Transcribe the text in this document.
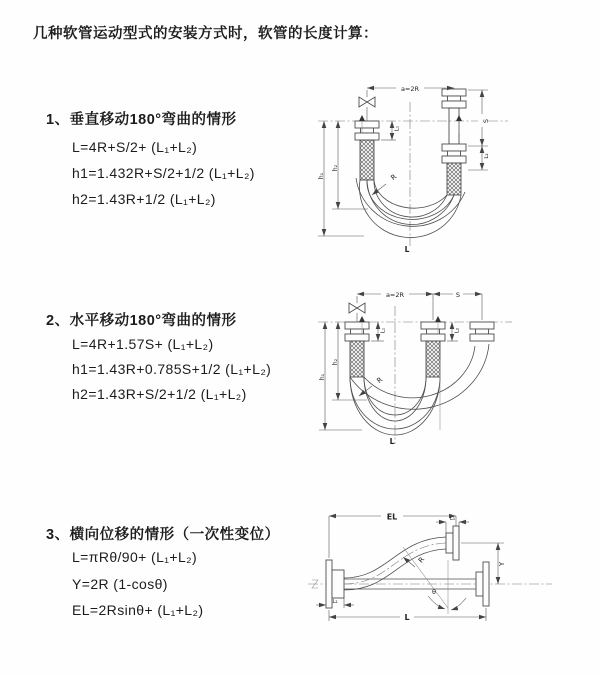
几种软管运动型式的安装方式时，软管的长度计算：
1、垂直移动180°弯曲的情形
L=4R+S/2+ (L₁+L₂)
h1=1.432R+S/2+1/2 (L₁+L₂)
h2=1.43R+1/2 (L₁+L₂)
2、水平移动180°弯曲的情形
L=4R+1.57S+ (L₁+L₂)
h1=1.43R+0.785S+1/2 (L₁+L₂)
h2=1.43R+S/2+1/2 (L₁+L₂)
3、横向位移的情形（一次性变位）
L=πRθ/90+ (L₁+L₂)
Y=2R (1-cosθ)
EL=2Rsinθ+ (L₁+L₂)
a=2R
S
L₂
L₁
h₁
h₂
R
L
a=2R	S
L₁	L₂
h₁
h₂
R
L
EL	L₁
Y
θ
R
L₂
L
